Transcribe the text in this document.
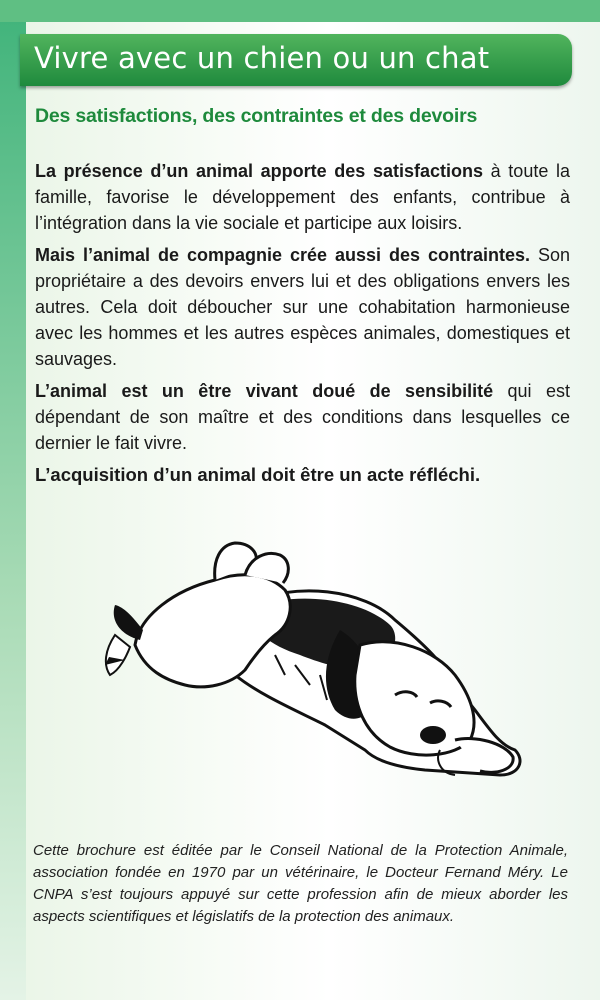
Vivre avec un chien ou un chat
Des satisfactions, des contraintes et des devoirs

La présence d’un animal apporte des satisfactions à toute la famille, favorise le développement des enfants, contribue à l’intégration dans la vie sociale et participe aux loisirs.

Mais l’animal de compagnie crée aussi des contraintes. Son propriétaire a des devoirs envers lui et des obligations envers les autres. Cela doit déboucher sur une cohabitation harmonieuse avec les hommes et les autres espèces animales, domestiques et sauvages.

L’animal est un être vivant doué de sensibilité qui est dépendant de son maître et des conditions dans lesquelles ce dernier le fait vivre.

L’acquisition d’un animal doit être un acte réfléchi.

Cette brochure est éditée par le Conseil National de la Protection Animale, association fondée en 1970 par un vétérinaire, le Docteur Fernand Méry. Le CNPA s’est toujours appuyé sur cette profession afin de mieux aborder les aspects scientifiques et législatifs de la protection des animaux.
